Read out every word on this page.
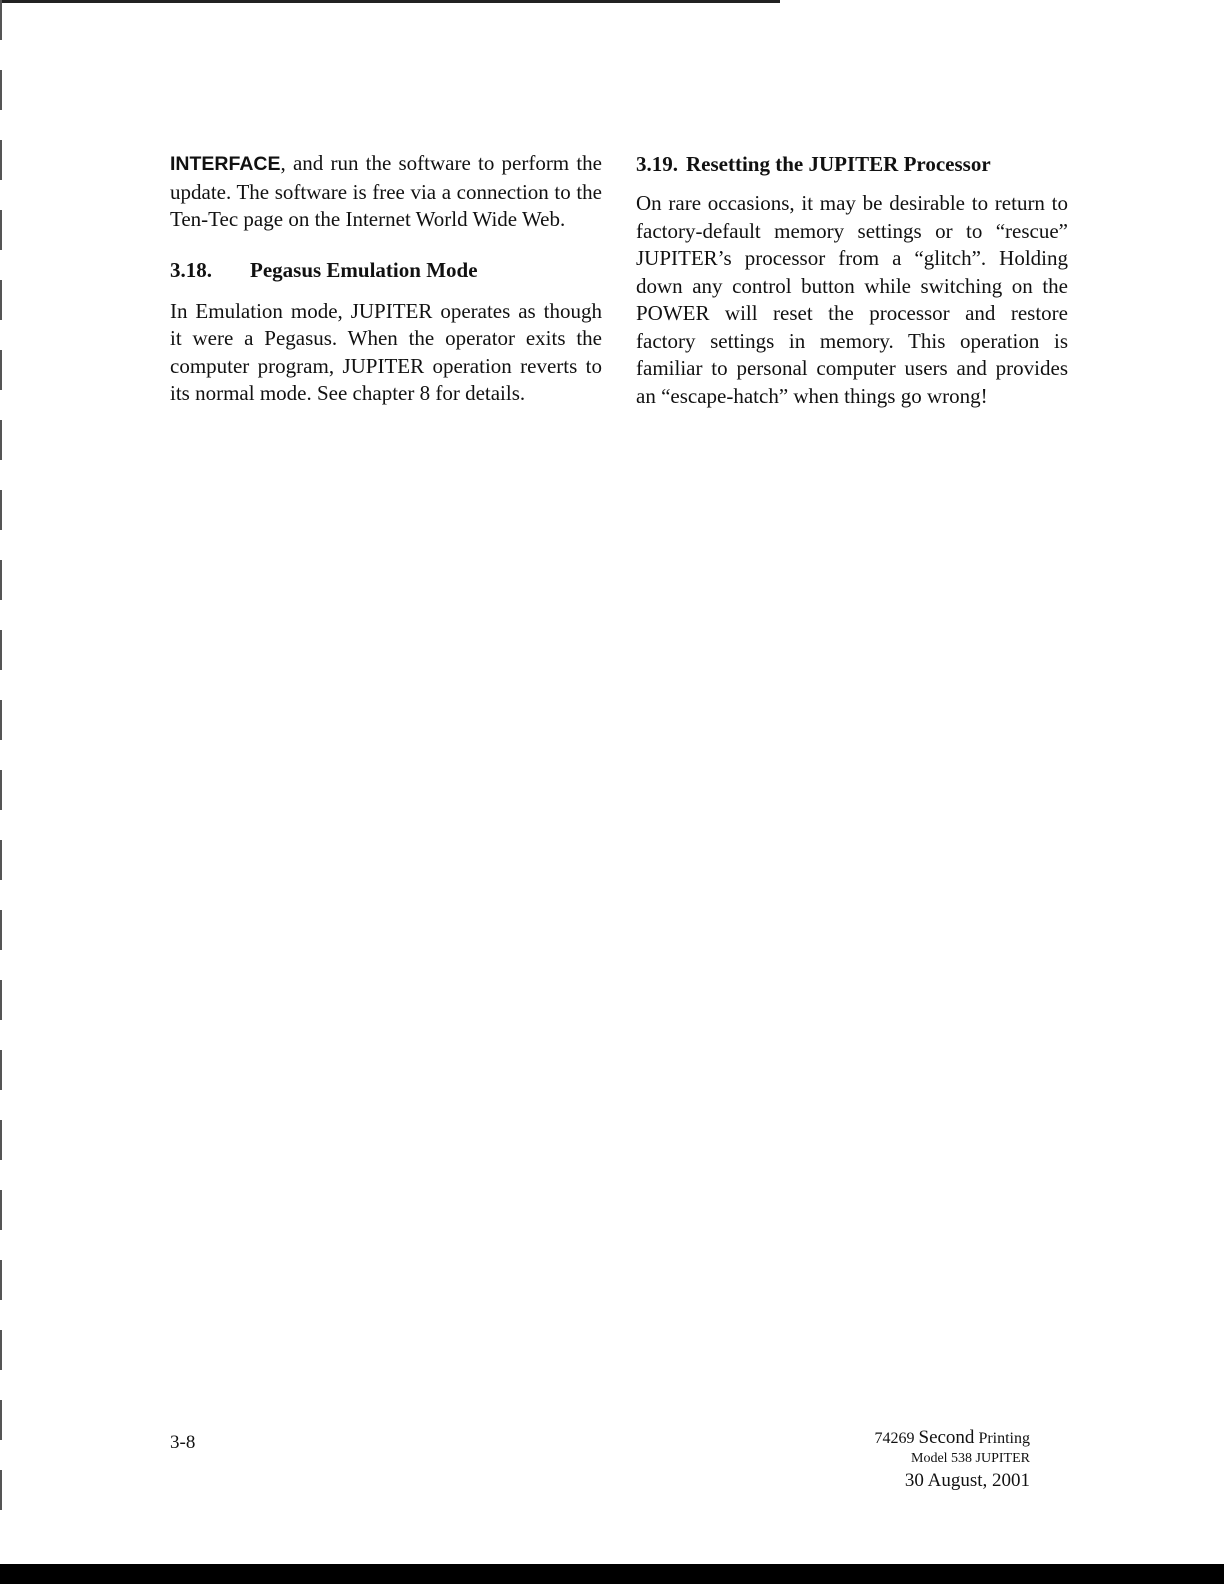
INTERFACE, and run the software to perform the update. The software is free via a connection to the Ten-Tec page on the Internet World Wide Web.

3.18. Pegasus Emulation Mode

In Emulation mode, JUPITER operates as though it were a Pegasus. When the operator exits the computer program, JUPITER operation reverts to its normal mode. See chapter 8 for details.

3.19. Resetting the JUPITER Processor

On rare occasions, it may be desirable to return to factory-default memory settings or to “rescue” JUPITER’s processor from a “glitch”. Holding down any control button while switching on the POWER will reset the processor and restore factory settings in memory. This operation is familiar to personal computer users and provides an “escape-hatch” when things go wrong!

3-8	74269 Second Printing
Model 538 JUPITER
30 August, 2001
